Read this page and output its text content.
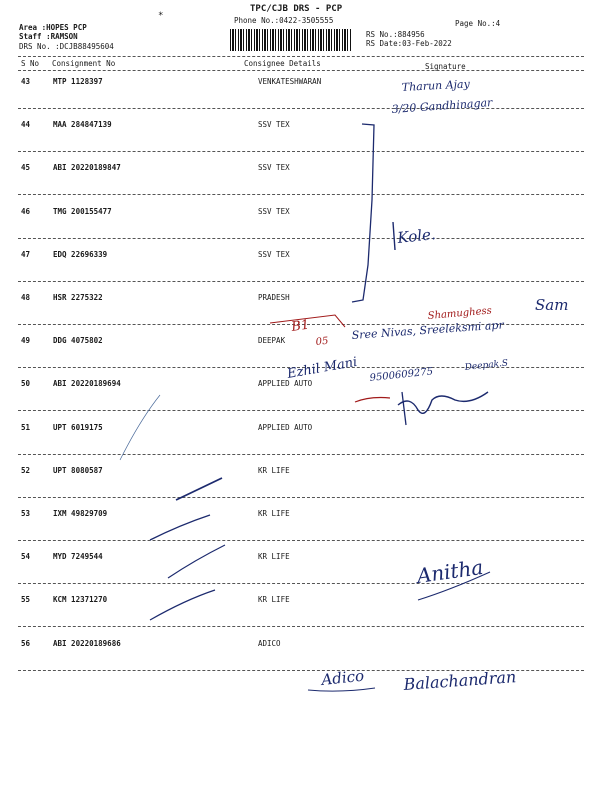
Area :HOPES PCP
Staff :RAMSON
DRS No. :DCJB88495604
*
TPC/CJB DRS - PCP
Phone No.:0422-3505555	Page No.:4
RS No.:884956
RS Date:03-Feb-2022
S No Consignment No	Consignee Details	Signature
43	MTP 1128397	VENKATESHWARAN
44	MAA 284847139	SSV TEX
45	ABI 20220189847	SSV TEX
46	TMG 200155477	SSV TEX
47	EDQ 22696339	SSV TEX
48	HSR 2275322	PRADESH
49	DDG 4075802	DEEPAK
50	ABI 20220189694	APPLIED AUTO
51	UPT 6019175	APPLIED AUTO
52	UPT 8080587	KR LIFE
53	IXM 49829709	KR LIFE
54	MYD 7249544	KR LIFE
55	KCM 12371270	KR LIFE
56	ABI 20220189686	ADICO
Tharun Ajay
3/20 Gandhinagar
Kole.
Shamughess
B1
05 Sree Nivas, Sreeleksmi apr
Sam
Ezhil Mani 9500609275
Deepak.S
Anitha
Adico Balachandran
